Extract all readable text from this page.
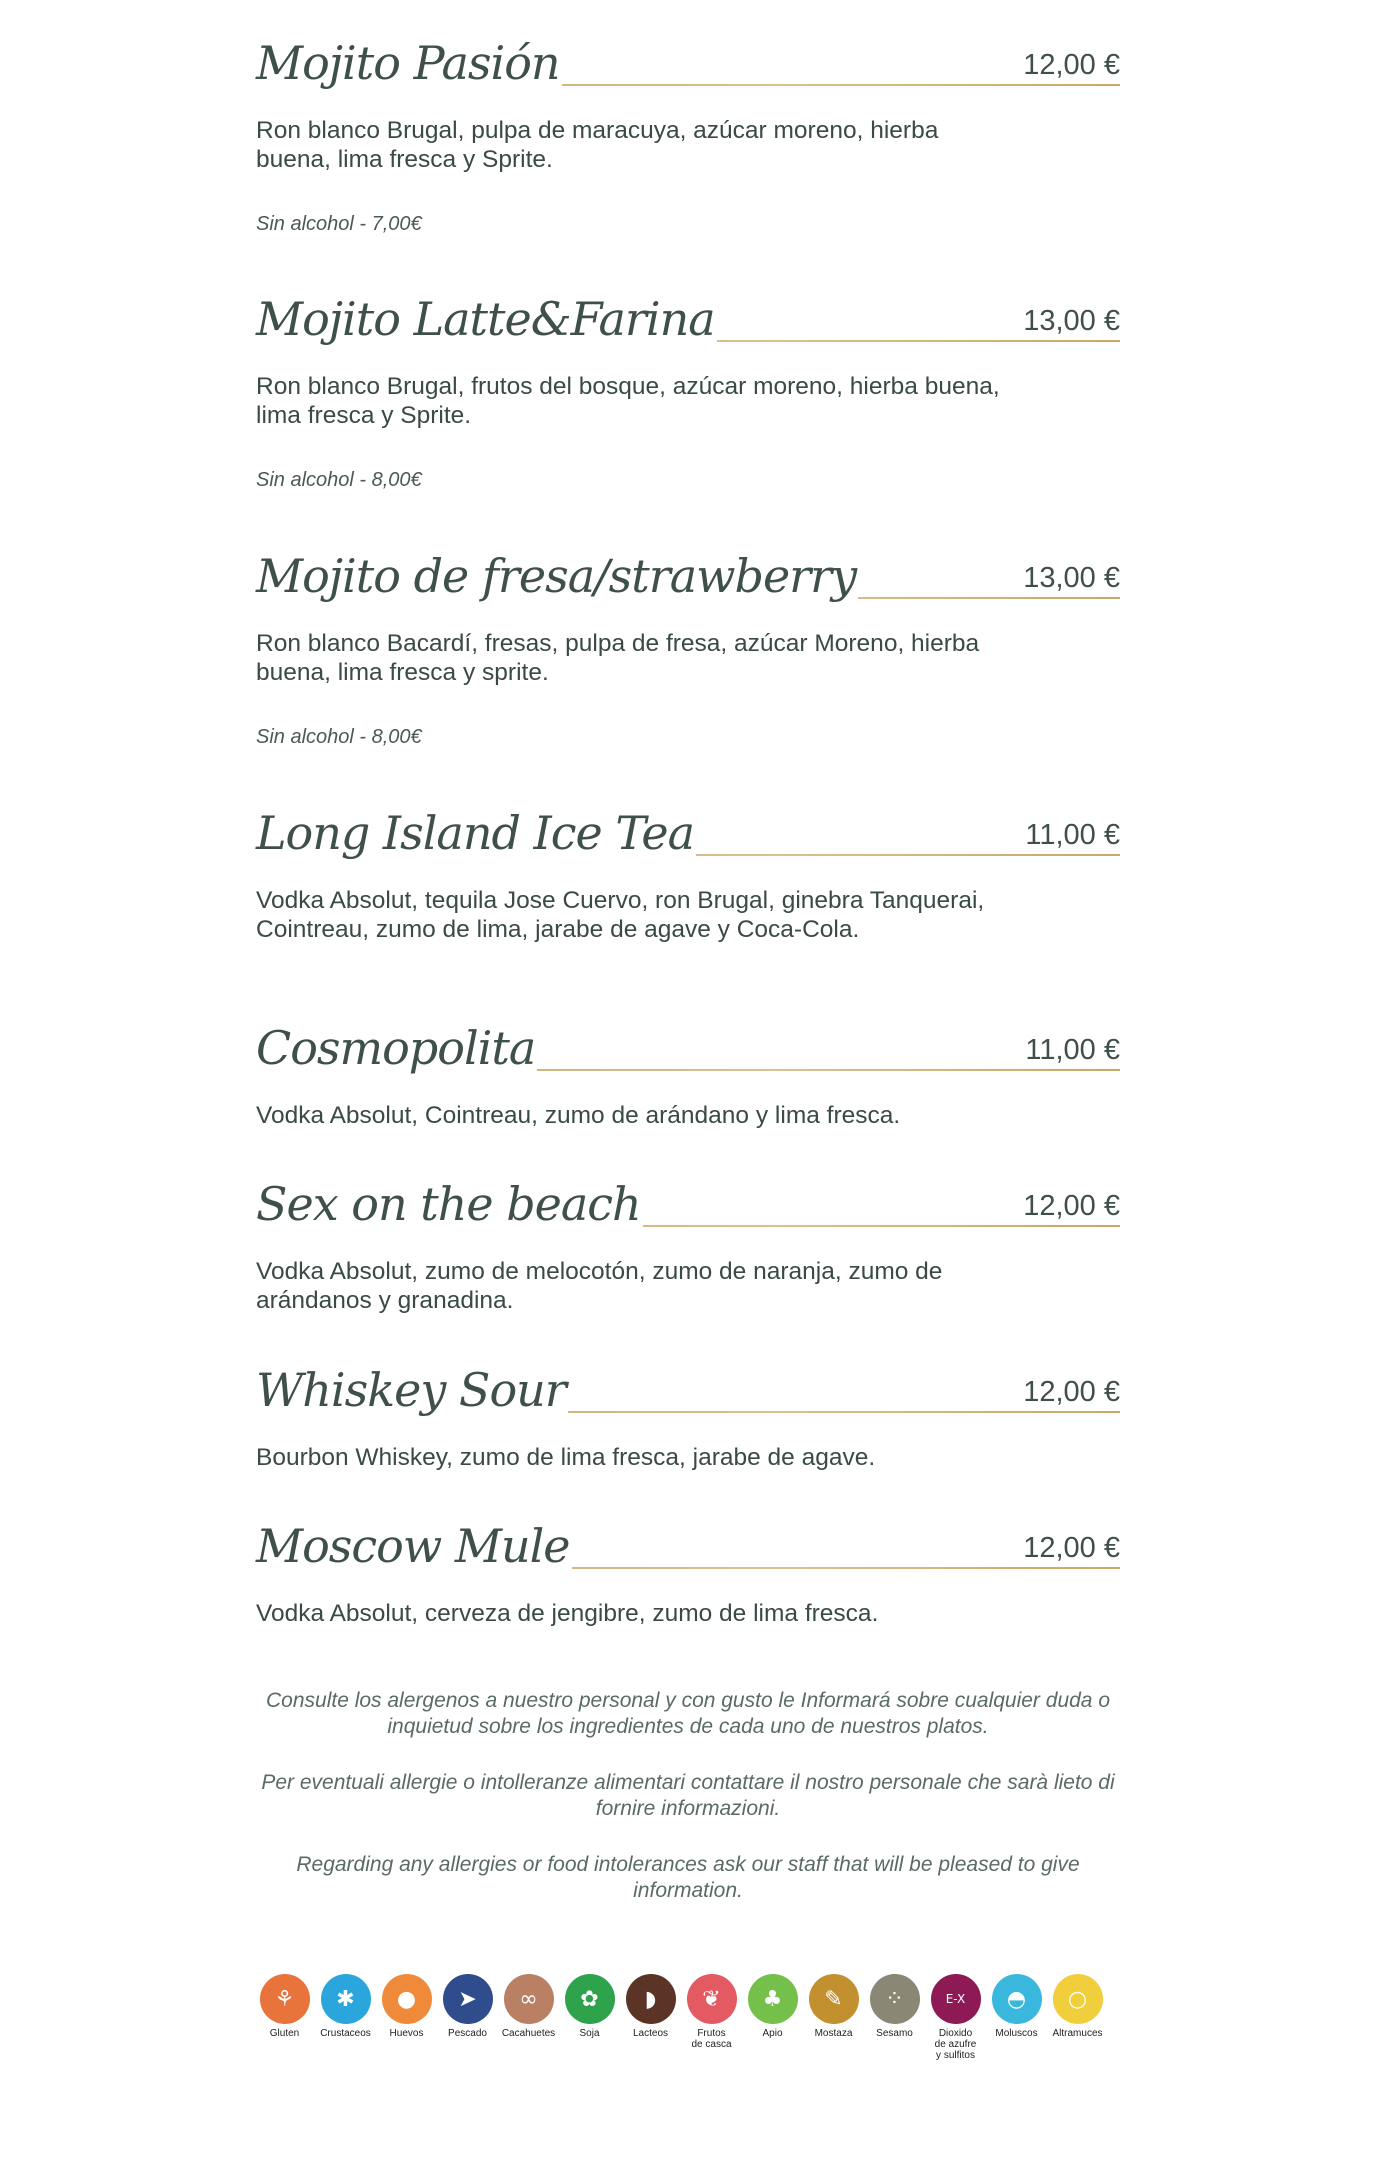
Mojito Pasión	12,00 €
Ron blanco Brugal, pulpa de maracuya, azúcar moreno, hierba buena, lima fresca y Sprite.
Sin alcohol - 7,00€
Mojito Latte&Farina	13,00 €
Ron blanco Brugal, frutos del bosque, azúcar moreno, hierba buena, lima fresca y Sprite.
Sin alcohol - 8,00€
Mojito de fresa/strawberry	13,00 €
Ron blanco Bacardí, fresas, pulpa de fresa, azúcar Moreno, hierba buena, lima fresca y sprite.
Sin alcohol - 8,00€
Long Island Ice Tea	11,00 €
Vodka Absolut, tequila Jose Cuervo, ron Brugal, ginebra Tanquerai, Cointreau, zumo de lima, jarabe de agave y Coca-Cola.
Cosmopolita	11,00 €
Vodka Absolut, Cointreau, zumo de arándano y lima fresca.
Sex on the beach	12,00 €
Vodka Absolut, zumo de melocotón, zumo de naranja, zumo de arándanos y granadina.
Whiskey Sour	12,00 €
Bourbon Whiskey, zumo de lima fresca, jarabe de agave.
Moscow Mule	12,00 €
Vodka Absolut, cerveza de jengibre, zumo de lima fresca.

Consulte los alergenos a nuestro personal y con gusto le Informará sobre cualquier duda o inquietud sobre los ingredientes de cada uno de nuestros platos.

Per eventuali allergie o intolleranze alimentari contattare il nostro personale che sarà lieto di fornire informazioni.

Regarding any allergies or food intolerances ask our staff that will be pleased to give information.

⚘
Gluten
✱
Crustaceos
●
Huevos
➤
Pescado
∞
Cacahuetes
✿
Soja
◗
Lacteos
❦
Frutos
de casca
♣
Apio
✎
Mostaza
⁘
Sesamo
E-X
Dioxido
de azufre
y sulfitos
◓
Moluscos
○
Altramuces
